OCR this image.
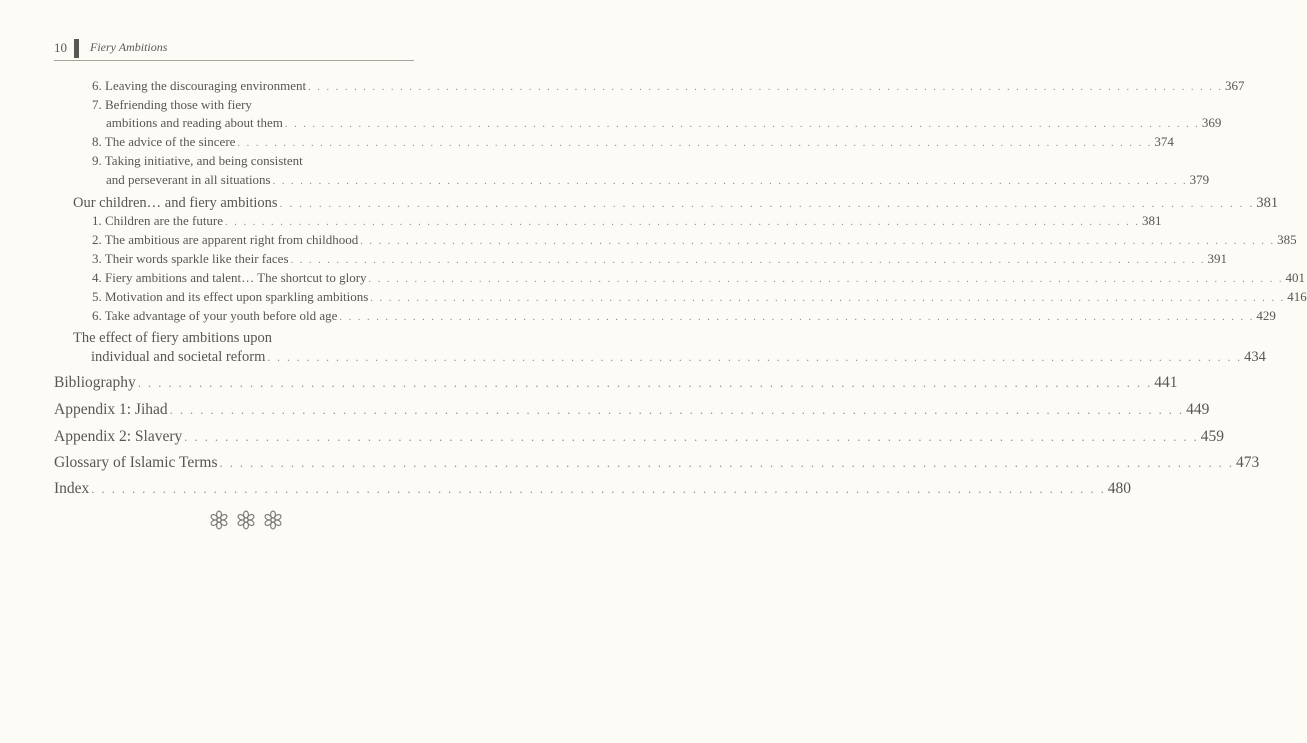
10 Fiery Ambitions
6. Leaving the discouraging environment . . . . . . . . . . . . . . . . . . . . . . . . . . . . . . . . . . . . . . . . . . . . . . . . . . . . . . . . . . . . . . . . . . . . . . . . . . . . . . . . . . . . . . . . . . . . . . . . . . . . 367
7. Befriending those with fiery
ambitions and reading about them . . . . . . . . . . . . . . . . . . . . . . . . . . . . . . . . . . . . . . . . . . . . . . . . . . . . . . . . . . . . . . . . . . . . . . . . . . . . . . . . . . . . . . . . . . . . . . . . . . . . 369
8. The advice of the sincere . . . . . . . . . . . . . . . . . . . . . . . . . . . . . . . . . . . . . . . . . . . . . . . . . . . . . . . . . . . . . . . . . . . . . . . . . . . . . . . . . . . . . . . . . . . . . . . . . . . . 374
9. Taking initiative, and being consistent
and perseverant in all situations . . . . . . . . . . . . . . . . . . . . . . . . . . . . . . . . . . . . . . . . . . . . . . . . . . . . . . . . . . . . . . . . . . . . . . . . . . . . . . . . . . . . . . . . . . . . . . . . . . . . 379
Our children… and fiery ambitions . . . . . . . . . . . . . . . . . . . . . . . . . . . . . . . . . . . . . . . . . . . . . . . . . . . . . . . . . . . . . . . . . . . . . . . . . . . . . . . . . . . . . . . . . . . . . . . . . . . . 381
1. Children are the future . . . . . . . . . . . . . . . . . . . . . . . . . . . . . . . . . . . . . . . . . . . . . . . . . . . . . . . . . . . . . . . . . . . . . . . . . . . . . . . . . . . . . . . . . . . . . . . . . . . . 381
2. The ambitious are apparent right from childhood . . . . . . . . . . . . . . . . . . . . . . . . . . . . . . . . . . . . . . . . . . . . . . . . . . . . . . . . . . . . . . . . . . . . . . . . . . . . . . . . . . . . . . . . . . . . . . . . . . . . 385
3. Their words sparkle like their faces . . . . . . . . . . . . . . . . . . . . . . . . . . . . . . . . . . . . . . . . . . . . . . . . . . . . . . . . . . . . . . . . . . . . . . . . . . . . . . . . . . . . . . . . . . . . . . . . . . . . 391
4. Fiery ambitions and talent… The shortcut to glory . . . . . . . . . . . . . . . . . . . . . . . . . . . . . . . . . . . . . . . . . . . . . . . . . . . . . . . . . . . . . . . . . . . . . . . . . . . . . . . . . . . . . . . . . . . . . . . . . . . . 401
5. Motivation and its effect upon sparkling ambitions . . . . . . . . . . . . . . . . . . . . . . . . . . . . . . . . . . . . . . . . . . . . . . . . . . . . . . . . . . . . . . . . . . . . . . . . . . . . . . . . . . . . . . . . . . . . . . . . . . . . 416
6. Take advantage of your youth before old age . . . . . . . . . . . . . . . . . . . . . . . . . . . . . . . . . . . . . . . . . . . . . . . . . . . . . . . . . . . . . . . . . . . . . . . . . . . . . . . . . . . . . . . . . . . . . . . . . . . . 429
The effect of fiery ambitions upon
individual and societal reform . . . . . . . . . . . . . . . . . . . . . . . . . . . . . . . . . . . . . . . . . . . . . . . . . . . . . . . . . . . . . . . . . . . . . . . . . . . . . . . . . . . . . . . . . . . . . . . . . . . . 434
Bibliography . . . . . . . . . . . . . . . . . . . . . . . . . . . . . . . . . . . . . . . . . . . . . . . . . . . . . . . . . . . . . . . . . . . . . . . . . . . . . . . . . . . . . . . . . . . . . . . . . . . . 441
Appendix 1: Jihad . . . . . . . . . . . . . . . . . . . . . . . . . . . . . . . . . . . . . . . . . . . . . . . . . . . . . . . . . . . . . . . . . . . . . . . . . . . . . . . . . . . . . . . . . . . . . . . . . . . . 449
Appendix 2: Slavery . . . . . . . . . . . . . . . . . . . . . . . . . . . . . . . . . . . . . . . . . . . . . . . . . . . . . . . . . . . . . . . . . . . . . . . . . . . . . . . . . . . . . . . . . . . . . . . . . . . . 459
Glossary of Islamic Terms . . . . . . . . . . . . . . . . . . . . . . . . . . . . . . . . . . . . . . . . . . . . . . . . . . . . . . . . . . . . . . . . . . . . . . . . . . . . . . . . . . . . . . . . . . . . . . . . . . . . 473
Index . . . . . . . . . . . . . . . . . . . . . . . . . . . . . . . . . . . . . . . . . . . . . . . . . . . . . . . . . . . . . . . . . . . . . . . . . . . . . . . . . . . . . . . . . . . . . . . . . . . . 480
